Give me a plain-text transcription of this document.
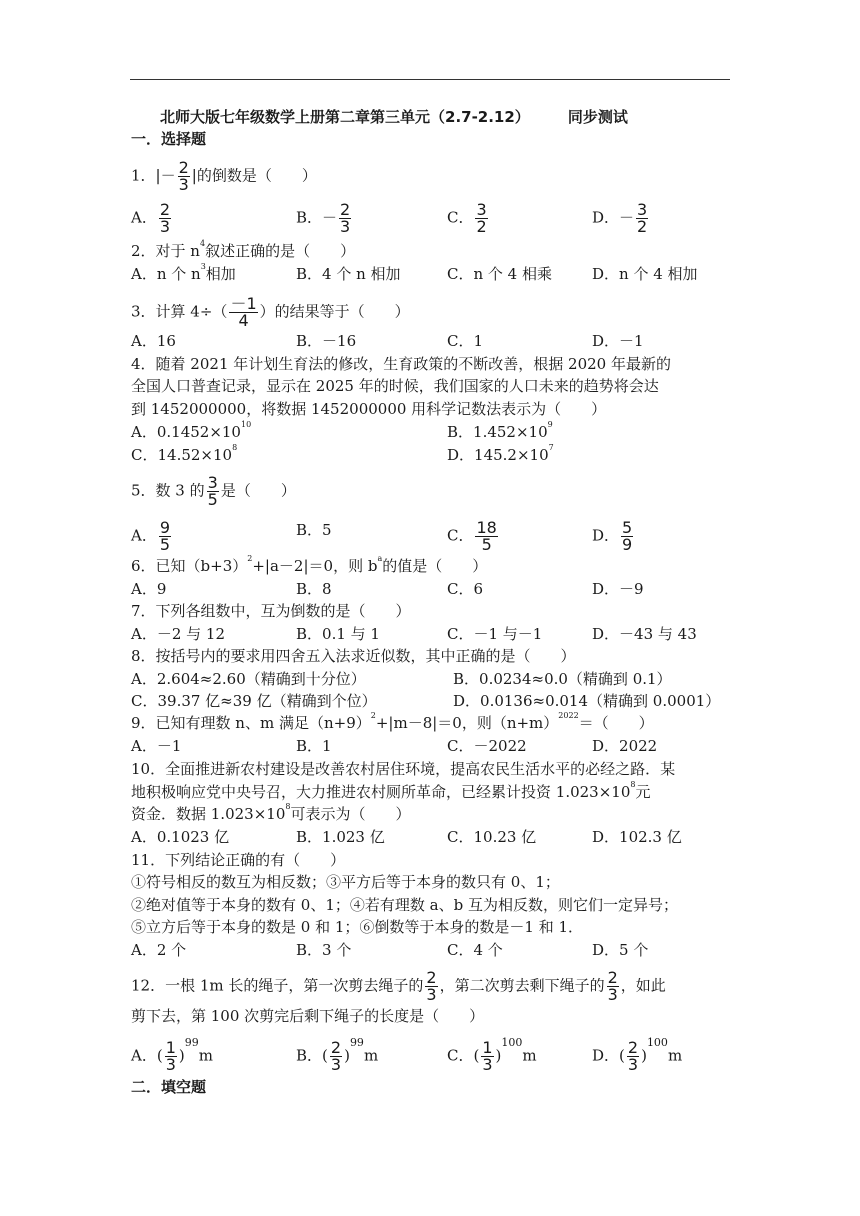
北师大版七年级数学上册第二章第三单元（2.7-2.12）	同步测试
一．选择题
1．|－ $\frac{2}{3}$ |的倒数是（　　）
A． $\frac{2}{3}$	B．－ $\frac{2}{3}$	C． $\frac{3}{2}$	D．－ $\frac{3}{2}$
2．对于 $n^4$叙述正确的是（　　）
A．n 个 $n^3$相加	B．4 个 n 相加	C．n 个 4 相乘	D．n 个 4 相加
3．计算 $4\div( \frac{-1}{4}$ ）的结果等于（　　）
A．16	B．－16	C．1	D．－1
4．随着 2021 年计划生育法的修改，生育政策的不断改善，根据 2020 年最新的
全国人口普查记录，显示在 2025 年的时候，我们国家的人口未来的趋势将会达
到 1452000000，将数据 1452000000 用科学记数法表示为（　　）
A．$0.1452\times 10^{10}$	B．$1.452\times 10^9$
C．$14.52\times 10^8$	D．$145.2\times 10^7$
5．数 3 的 $\frac{3}{5}$ 是（　　）
A． $\frac{9}{5}$	B．5	C． $\frac{18}{5}$	D． $\frac{5}{9}$
6．已知$(b+3)^2+|a-2|=0$，则 $b^a$的值是（　　）
A．9	B．8	C．6	D．－9
7．下列各组数中，互为倒数的是（　　）
A．－2 与 12	B．0.1 与 1	C．－1 与－1	D．－43 与 43
8．按括号内的要求用四舍五入法求近似数，其中正确的是（　　）
A．2.604≈2.60（精确到十分位）	B．0.0234≈0.0（精确到 0.1）
C．39.37 亿≈39 亿（精确到个位）	D．0.0136≈0.014（精确到 0.0001）
9．已知有理数 n、m 满足$(n+9)^2+|m-8|=0$，则$(n+m)^{2022}=$（　　）
A．－1	B．1	C．－2022	D．2022
10．全面推进新农村建设是改善农村居住环境，提高农民生活水平的必经之路．某
地积极响应党中央号召，大力推进农村厕所革命，已经累计投资 $1.023\times 10^8$元
资金．数据 $1.023\times 10^8$可表示为（　　）
A．0.1023 亿	B．1.023 亿	C．10.23 亿	D．102.3 亿
11．下列结论正确的有（　　）
①符号相反的数互为相反数；③平方后等于本身的数只有 0、1；
②绝对值等于本身的数有 0、1；④若有理数 a、b 互为相反数，则它们一定异号；
⑤立方后等于本身的数是 0 和 1；⑥倒数等于本身的数是－1 和 1．
A．2 个	B．3 个	C．4 个	D．5 个
12．一根 1m 长的绳子，第一次剪去绳子的 $\frac{2}{3}$ ，第二次剪去剩下绳子的 $\frac{2}{3}$ ，如此
剪下去，第 100 次剪完后剩下绳子的长度是（　　）
A．( $\frac{1}{3} )^{99}m$	B．( $\frac{2}{3} )^{99}m$	C．( $\frac{1}{3} )^{100}m$	D．( $\frac{2}{3} )^{100}m$
二．填空题
